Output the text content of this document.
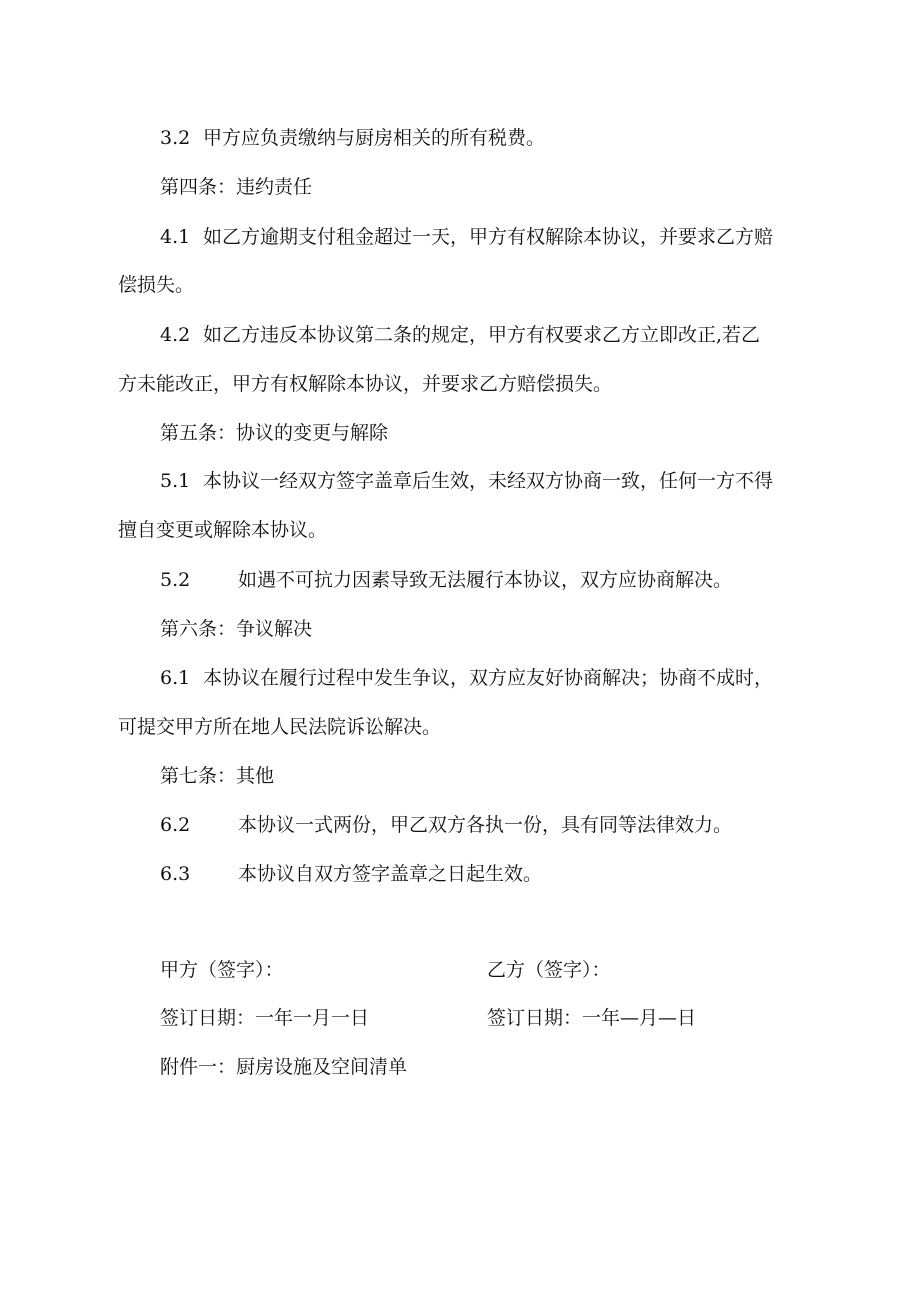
3.2 甲方应负责缴纳与厨房相关的所有税费。
第四条：违约责任
4.1 如乙方逾期支付租金超过一天，甲方有权解除本协议，并要求乙方赔
偿损失。
4.2 如乙方违反本协议第二条的规定，甲方有权要求乙方立即改正,若乙
方未能改正，甲方有权解除本协议，并要求乙方赔偿损失。
第五条：协议的变更与解除
5.1 本协议一经双方签字盖章后生效，未经双方协商一致，任何一方不得
擅自变更或解除本协议。
5.2	如遇不可抗力因素导致无法履行本协议，双方应协商解决。
第六条：争议解决
6.1 本协议在履行过程中发生争议，双方应友好协商解决；协商不成时，
可提交甲方所在地人民法院诉讼解决。
第七条：其他
6.2	本协议一式两份，甲乙双方各执一份，具有同等法律效力。
6.3	本协议自双方签字盖章之日起生效。
甲方（签字）：	乙方（签字）：
签订日期：一年一月一日	签订日期：一年—月—日
附件一：厨房设施及空间清单
